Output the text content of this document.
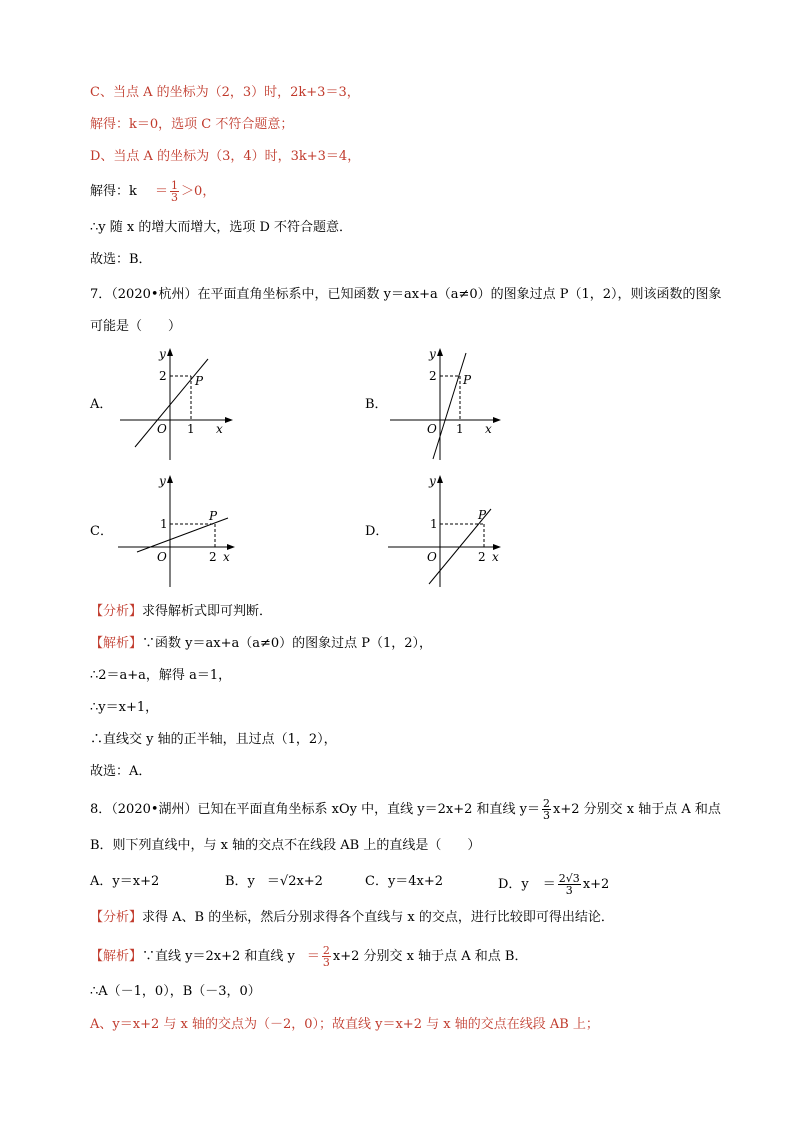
C、当点 A 的坐标为（2，3）时，2k+3＝3，
解得：k＝0，选项 C 不符合题意；
D、当点 A 的坐标为（3，4）时，3k+3＝4，
解得：$k = \frac{1}{3} >0$，
∴y 随 x 的增大而增大，选项 D 不符合题意．
故选：B．
7．（2020•杭州）在平面直角坐标系中，已知函数 y＝ax+a（a≠0）的图象过点 P（1，2），则该函数的图象
可能是（　　）
A．
y
2 P
O 1 x
B．
y
2 P
O 1 x
C．
y
1
P
O	2 x
D．
y
1
P
O	2 x
【分析】求得解析式即可判断．
【解析】∵函数 y＝ax+a（a≠0）的图象过点 P（1，2），
∴2＝a+a，解得 a＝1，
∴y＝x+1，
∴直线交 y 轴的正半轴，且过点（1，2），
故选：A．
8．（2020•湖州）已知在平面直角坐标系 xOy 中，直线 y＝2x+2 和直线 $y= \frac{2}{3} x+2$ 分别交 x 轴于点 A 和点
B．则下列直线中，与 x 轴的交点不在线段 AB 上的直线是（　　）
A．y＝x+2	B．y ＝√2x+2	C．y＝4x+2	D．$y = \frac{2√3}{3} x+2$
【分析】求得 A、B 的坐标，然后分别求得各个直线与 x 的交点，进行比较即可得出结论．
【解析】∵直线 y＝2x+2 和直线 $y = \frac{2}{3} x+2$ 分别交 x 轴于点 A 和点 B．
∴A（－1，0），B（－3，0）
A、y＝x+2 与 x 轴的交点为（－2，0）；故直线 y＝x+2 与 x 轴的交点在线段 AB 上；
